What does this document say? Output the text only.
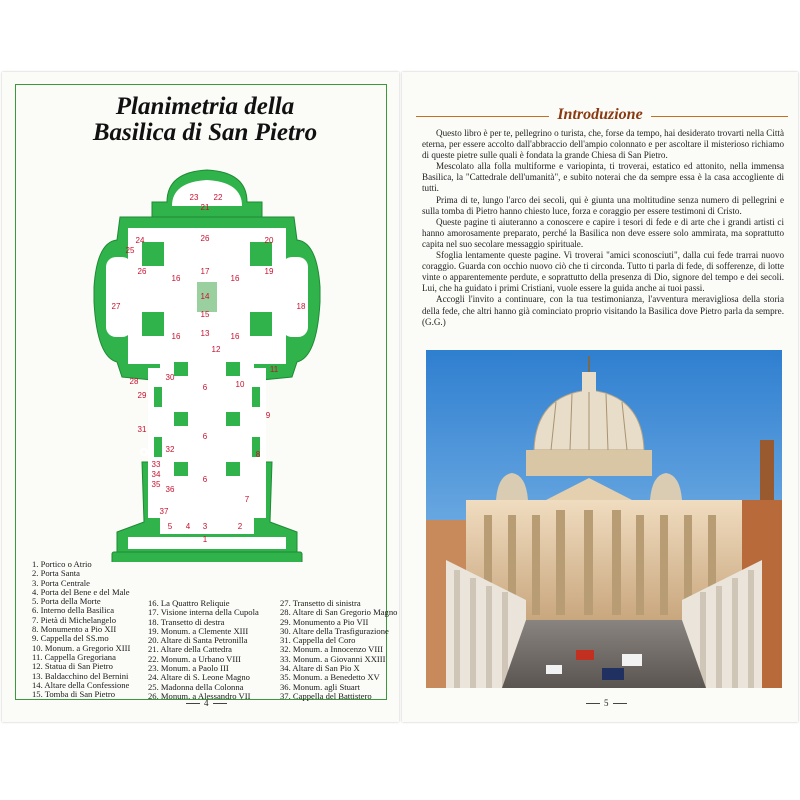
Planimetria della
Basilica di San Pietro
1
2
3
4
5
6
6
6
7
8
9
10
11
12
13
14
15
16	16
16	16
17
18
19
20
21
22
23
24
25
26
26
27
28
29
30
31
32
33
34
35
36
37
1. Portico o Atrio
2. Porta Santa
3. Porta Centrale
4. Porta del Bene e del Male
5. Porta della Morte
6. Interno della Basilica
7. Pietà di Michelangelo
8. Monumento a Pio XII
9. Cappella del SS.mo
10. Monum. a Gregorio XIII
11. Cappella Gregoriana
12. Statua di San Pietro
13. Baldacchino del Bernini
14. Altare della Confessione
15. Tomba di San Pietro
16. La Quattro Reliquie
17. Visione interna della Cupola
18. Transetto di destra
19. Monum. a Clemente XIII
20. Altare di Santa Petronilla
21. Altare della Cattedra
22. Monum. a Urbano VIII
23. Monum. a Paolo III
24. Altare di S. Leone Magno
25. Madonna della Colonna
26. Monum. a Alessandro VII
27. Transetto di sinistra
28. Altare di San Gregorio Magno
29. Monumento a Pio VII
30. Altare della Trasfigurazione
31. Cappella del Coro
32. Monum. a Innocenzo VIII
33. Monum. a Giovanni XXIII
34. Altare di San Pio X
35. Monum. a Benedetto XV
36. Monum. agli Stuart
37. Cappella del Battistero
4
Introduzione

Questo libro è per te, pellegrino o turista, che, forse da tempo, hai desiderato trovarti nella Città eterna, per essere accolto dall'abbraccio dell'ampio colonnato e per ascoltare il misterioso richiamo di queste pietre sulle quali è fondata la grande Chiesa di San Pietro.

Mescolato alla folla multiforme e variopinta, ti troverai, estatico ed attonito, nella immensa Basilica, la "Cattedrale dell'umanità", e subito noterai che da sempre essa è la casa accogliente di tutti.

Prima di te, lungo l'arco dei secoli, qui è giunta una moltitudine senza numero di pellegrini e sulla tomba di Pietro hanno chiesto luce, forza e coraggio per essere testimoni di Cristo.

Queste pagine ti aiuteranno a conoscere e capire i tesori di fede e di arte che i grandi artisti ci hanno amorosamente preparato, perché la Basilica non deve essere solo ammirata, ma soprattutto capita nel suo secolare messaggio spirituale.

Sfoglia lentamente queste pagine. Vi troverai "amici sconosciuti", dalla cui fede trarrai nuovo coraggio. Guarda con occhio nuovo ciò che ti circonda. Tutto ti parla di fede, di sofferenze, di lotte vinte o apparentemente perdute, e soprattutto della presenza di Dio, signore del tempo e dei secoli. Lui, che ha guidato i primi Cristiani, vuole essere la guida anche ai tuoi passi.

Accogli l'invito a continuare, con la tua testimonianza, l'avventura meravigliosa della storia della fede, che altri hanno già cominciato proprio visitando la Basilica dove Pietro parla da sempre. (G.G.)

5
